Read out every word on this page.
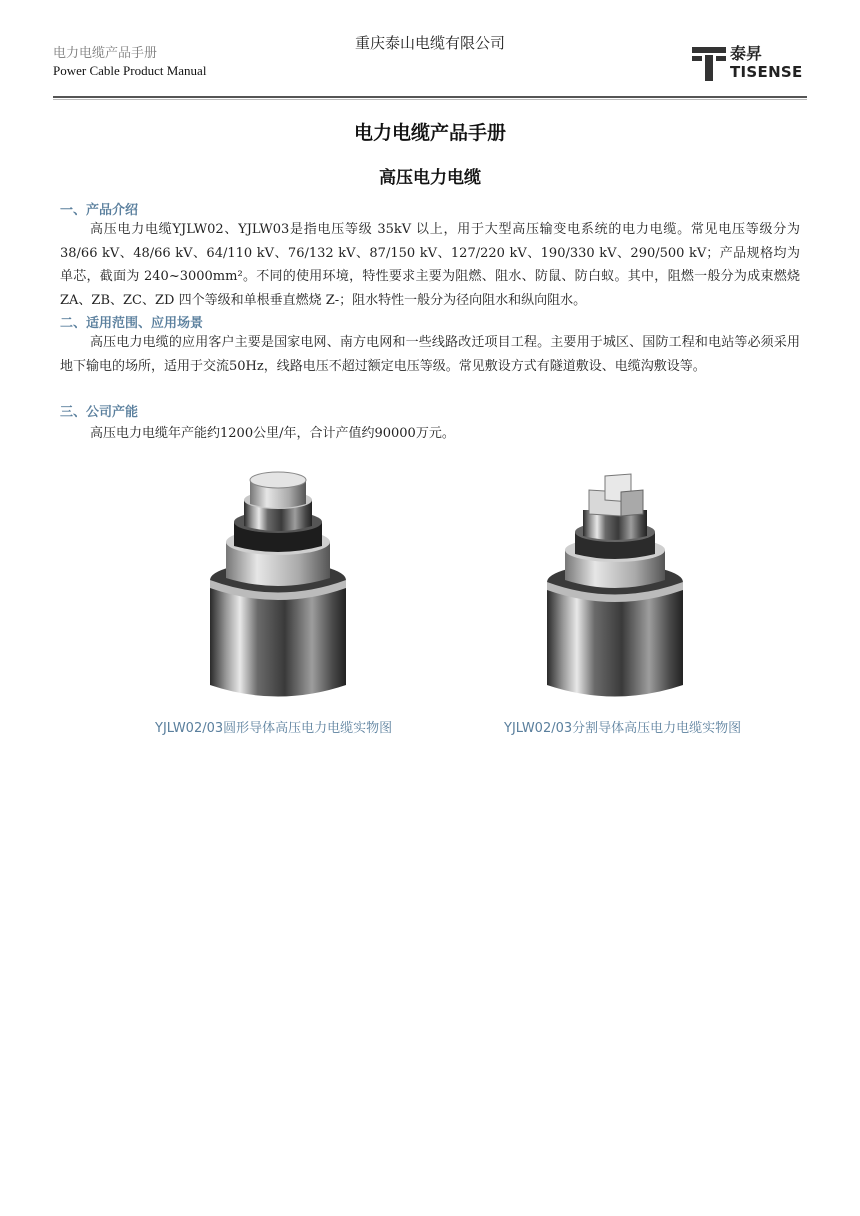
电力电缆产品手册
Power Cable Product Manual
重庆泰山电缆有限公司
泰昇
TISENSE
电力电缆产品手册
高压电力电缆
一、产品介绍
高压电力电缆YJLW02、YJLW03是指电压等级 35kV 以上，用于大型高压输变电系统的电力电缆。常见电压等级分为 38/66 kV、48/66 kV、64/110 kV、76/132 kV、87/150 kV、127/220 kV、190/330 kV、290/500 kV；产品规格均为单芯，截面为 240~3000mm²。不同的使用环境，特性要求主要为阻燃、阻水、防鼠、防白蚁。其中，阻燃一般分为成束燃烧 ZA、ZB、ZC、ZD 四个等级和单根垂直燃烧 Z-；阻水特性一般分为径向阻水和纵向阻水。
二、适用范围、应用场景
高压电力电缆的应用客户主要是国家电网、南方电网和一些线路改迁项目工程。主要用于城区、国防工程和电站等必须采用地下输电的场所，适用于交流50Hz，线路电压不超过额定电压等级。常见敷设方式有隧道敷设、电缆沟敷设等。
三、公司产能
高压电力电缆年产能约1200公里/年，合计产值约90000万元。
YJLW02/03圆形导体高压电力电缆实物图	YJLW02/03分割导体高压电力电缆实物图
